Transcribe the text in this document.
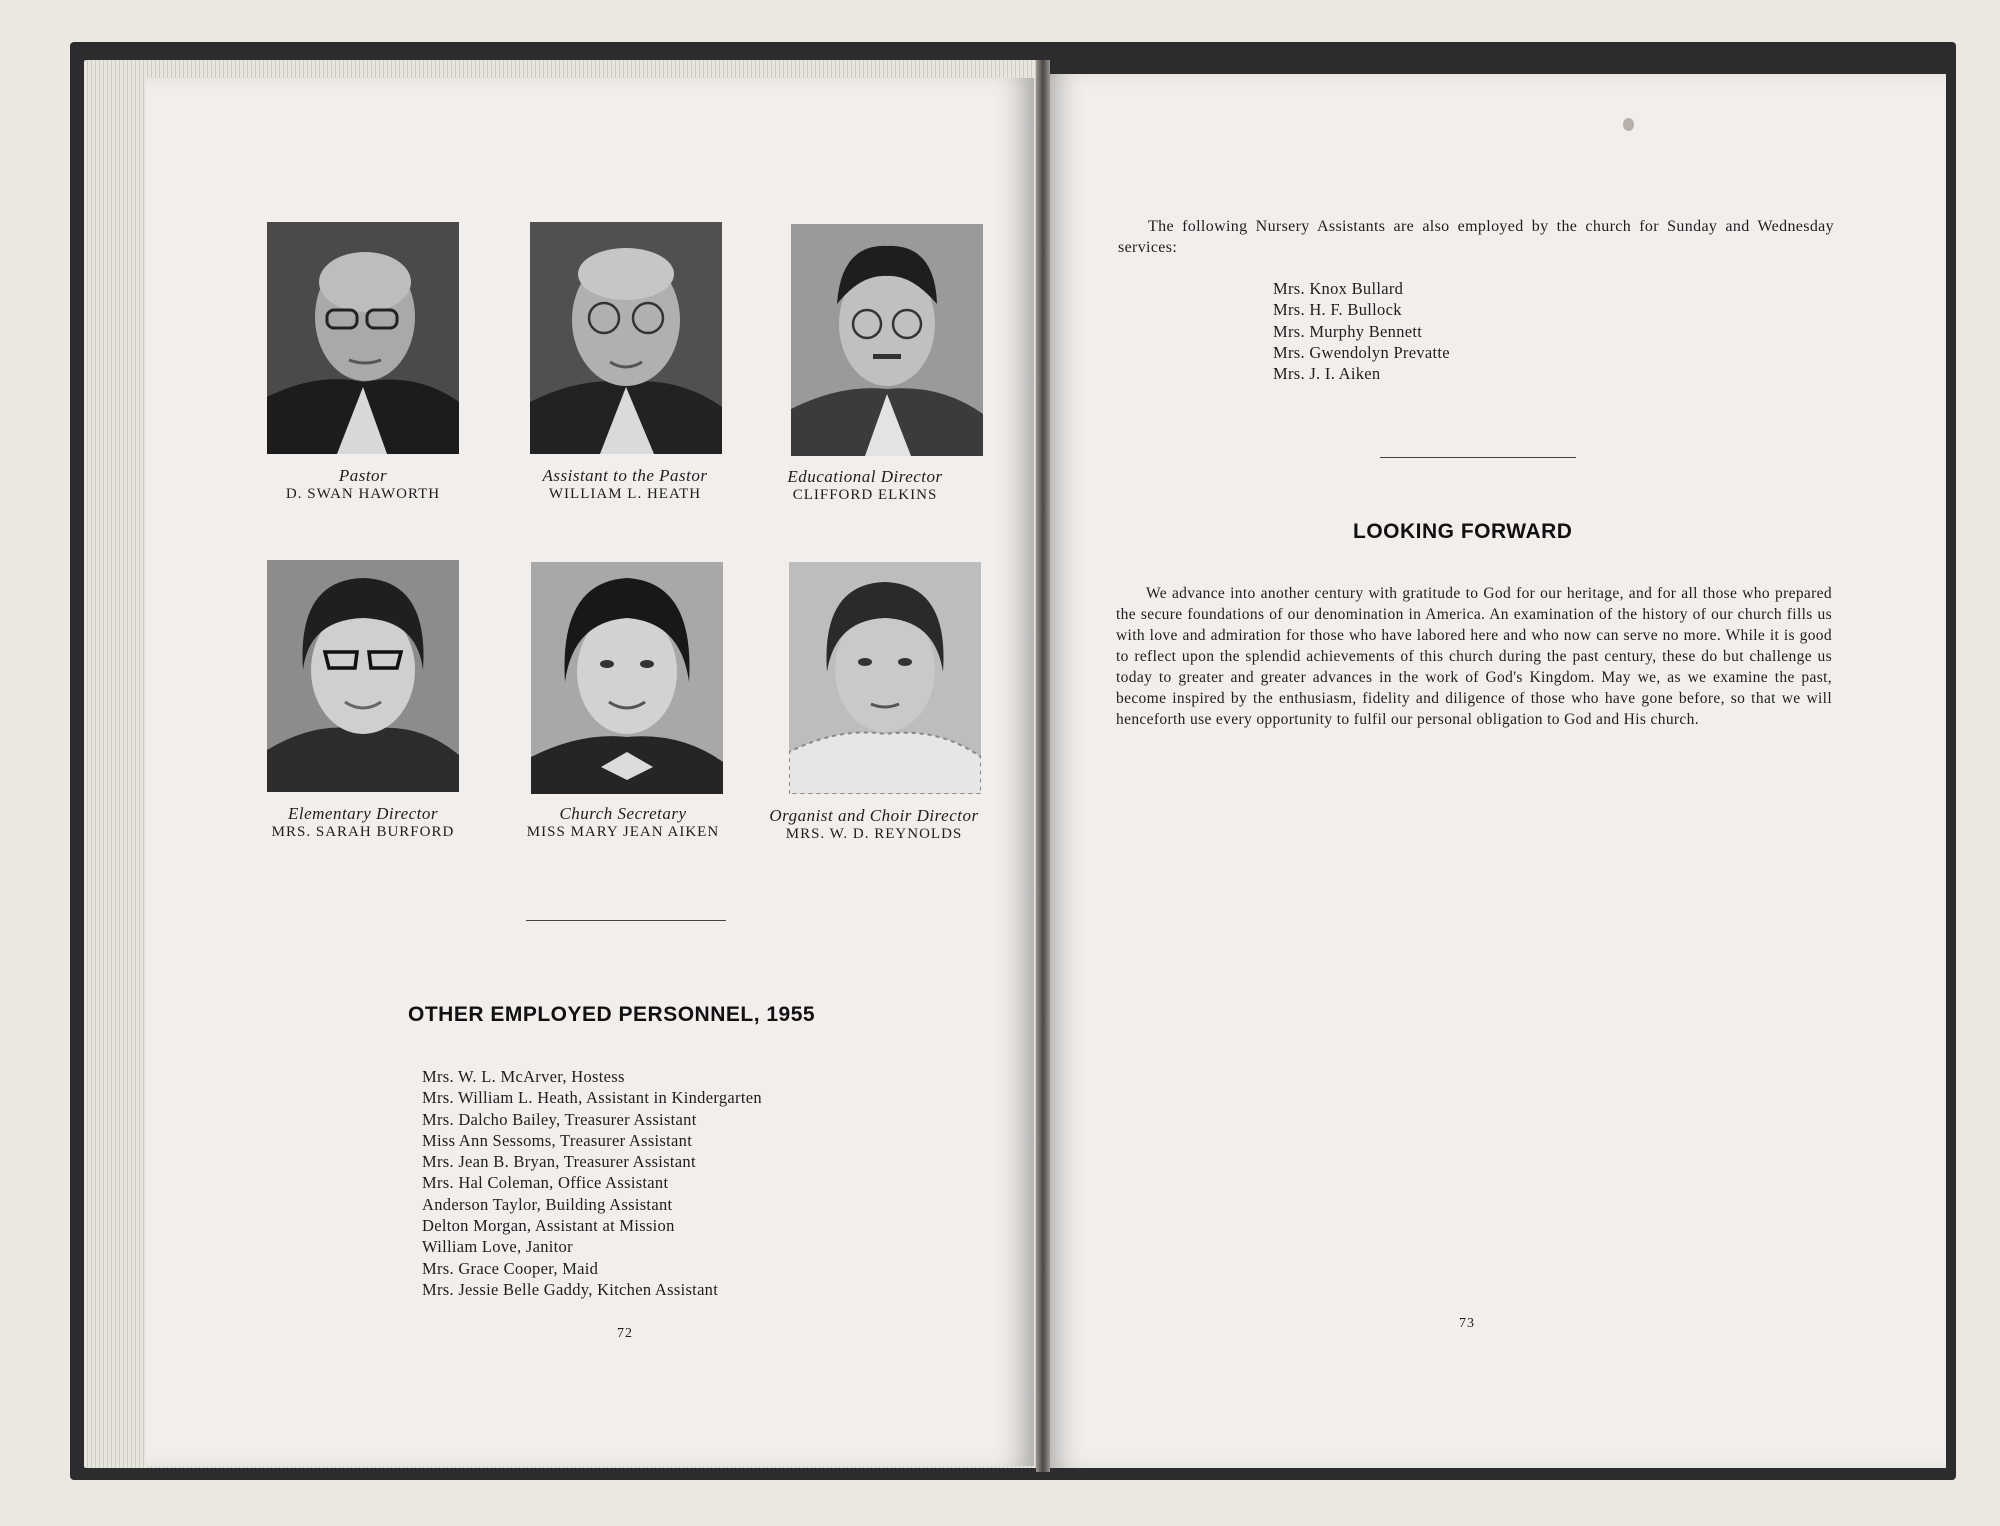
Pastor
D. SWAN HAWORTH
Assistant to the Pastor
WILLIAM L. HEATH
Educational Director
CLIFFORD ELKINS
Elementary Director
MRS. SARAH BURFORD
Church Secretary
MISS MARY JEAN AIKEN
Organist and Choir Director
MRS. W. D. REYNOLDS
OTHER EMPLOYED PERSONNEL, 1955
Mrs. W. L. McArver, Hostess
Mrs. William L. Heath, Assistant in Kindergarten
Mrs. Dalcho Bailey, Treasurer Assistant
Miss Ann Sessoms, Treasurer Assistant
Mrs. Jean B. Bryan, Treasurer Assistant
Mrs. Hal Coleman, Office Assistant
Anderson Taylor, Building Assistant
Delton Morgan, Assistant at Mission
William Love, Janitor
Mrs. Grace Cooper, Maid
Mrs. Jessie Belle Gaddy, Kitchen Assistant
72

The following Nursery Assistants are also employed by the church for Sunday and Wednesday services:

Mrs. Knox Bullard
Mrs. H. F. Bullock
Mrs. Murphy Bennett
Mrs. Gwendolyn Prevatte
Mrs. J. I. Aiken
LOOKING FORWARD

We advance into another century with gratitude to God for our heritage, and for all those who prepared the secure foundations of our denomination in America. An examination of the history of our church fills us with love and admiration for those who have labored here and who now can serve no more. While it is good to reflect upon the splendid achievements of this church during the past century, these do but challenge us today to greater and greater advances in the work of God's Kingdom. May we, as we examine the past, become inspired by the enthusiasm, fidelity and diligence of those who have gone before, so that we will henceforth use every opportunity to fulfil our personal obligation to God and His church.

73
